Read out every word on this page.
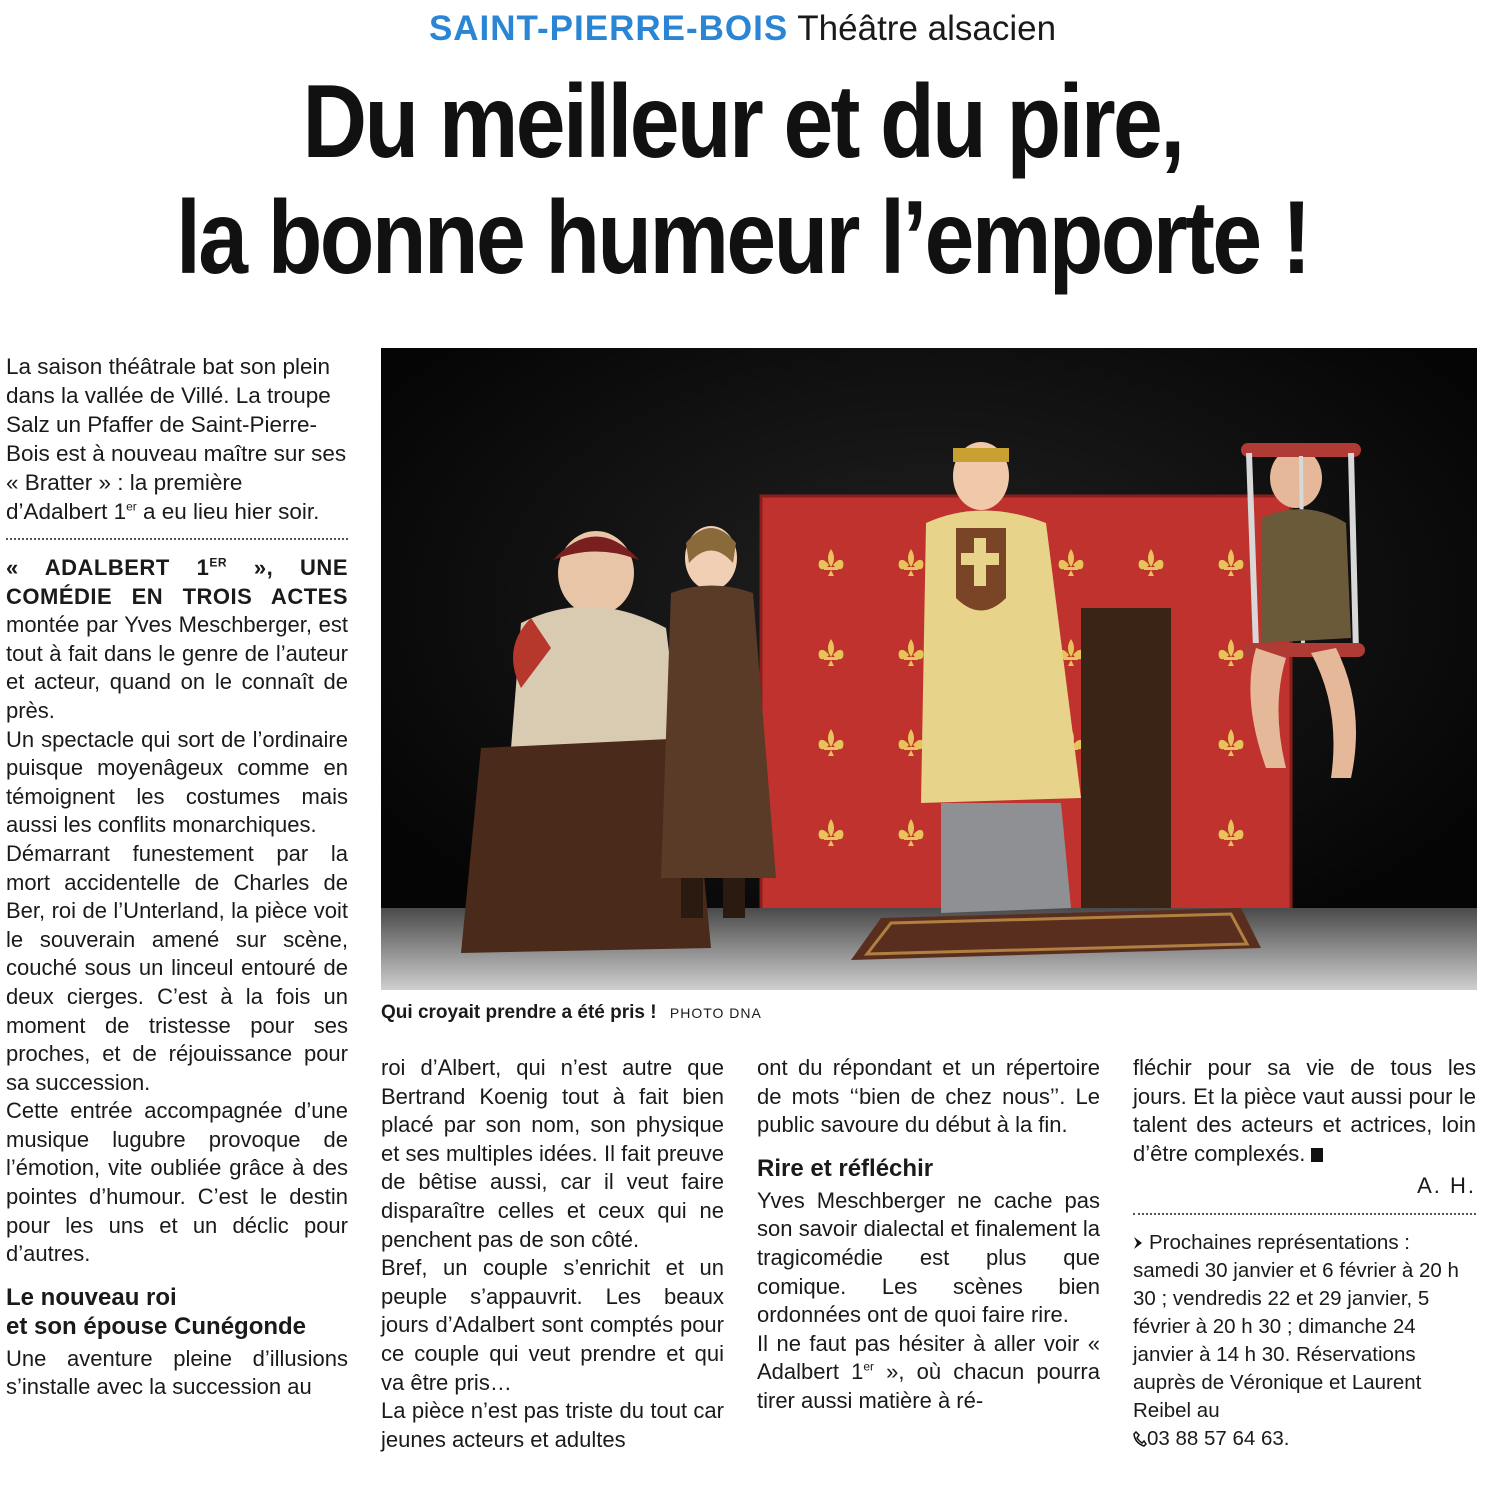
SAINT-PIERRE-BOIS Théâtre alsacien
Du meilleur et du pire,
la bonne humeur l’emporte !

La saison théâtrale bat son plein dans la vallée de Villé. La troupe Salz un Pfaffer de Saint-Pierre-Bois est à nouveau maître sur ses « Bratter » : la première d’Adalbert 1er a eu lieu hier soir.

« ADALBERT 1ER », UNE COMÉDIE EN TROIS ACTES montée par Yves Meschberger, est tout à fait dans le genre de l’auteur et acteur, quand on le connaît de près.

Un spectacle qui sort de l’ordinaire puisque moyenâgeux comme en témoignent les costumes mais aussi les conflits monarchiques.

Démarrant funestement par la mort accidentelle de Charles de Ber, roi de l’Unterland, la pièce voit le souverain amené sur scène, couché sous un linceul entouré de deux cierges. C’est à la fois un moment de tristesse pour ses proches, et de réjouissance pour sa succession.

Cette entrée accompagnée d’une musique lugubre provoque de l’émotion, vite oubliée grâce à des pointes d’humour. C’est le destin pour les uns et un déclic pour d’autres.

Le nouveau roi
et son épouse Cunégonde

Une aventure pleine d’illusions s’installe avec la succession au

Qui croyait prendre a été pris ! PHOTO DNA

roi d’Albert, qui n’est autre que Bertrand Koenig tout à fait bien placé par son nom, son physique et ses multiples idées. Il fait preuve de bêtise aussi, car il veut faire disparaître celles et ceux qui ne penchent pas de son côté.

Bref, un couple s’enrichit et un peuple s’appauvrit. Les beaux jours d’Adalbert sont comptés pour ce couple qui veut prendre et qui va être pris…

La pièce n’est pas triste du tout car jeunes acteurs et adultes

ont du répondant et un répertoire de mots ‘‘bien de chez nous’’. Le public savoure du début à la fin.

Rire et réfléchir

Yves Meschberger ne cache pas son savoir dialectal et finalement la tragicomédie est plus que comique. Les scènes bien ordonnées ont de quoi faire rire.

Il ne faut pas hésiter à aller voir « Adalbert 1er », où chacun pourra tirer aussi matière à ré-

fléchir pour sa vie de tous les jours. Et la pièce vaut aussi pour le talent des acteurs et actrices, loin d’être complexés.

A. H.

Prochaines représentations : samedi 30 janvier et 6 février à 20 h 30 ; vendredis 22 et 29 janvier, 5 février à 20 h 30 ; dimanche 24 janvier à 14 h 30. Réservations auprès de Véronique et Laurent Reibel au
03 88 57 64 63.
